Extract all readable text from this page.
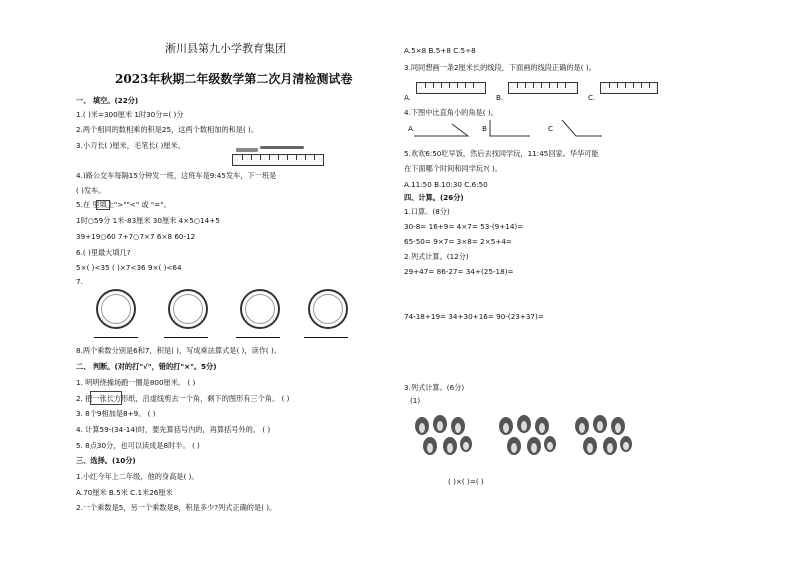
淅川县第九小学教育集团
2023年秋期二年级数学第二次月清检测试卷
一、 填空。(22分)
1.( )米=300厘米 1时30分=( )分
2.两个相同的数相乘的积是25，这两个数相加的和是( )。
3.小刀长( )厘米，毛笔长( )厘米。
4.)路公交车每隔15分钟发一班，这班车是9:45发车，下一班是
( )发车。
5.在 里填上">""<" 或 "="。
1时○59分 1米-83厘米 30厘米 4×5○14+5
39+19○60 7+7○7×7 6×8 60-12
6.( )里最大填几?
5×( )<35 ( )×7<36 9×( )<64
7.
8.两个乘数分别是6和7，积是( )，写成乘法算式是( )，读作( )。
二、 判断。(对的打"√"，错的打"×"。5分)
1. 明明绕操场跑一圈是800厘米。 ( )
2. 把一张长方形纸，沿虚线剪去一个角，剩下的图形有三个角。 ( )
3. 8个9相加是8+9。 ( )
4. 计算59-(34-14)时，要先算括号内的，再算括号外的。 ( )
5. 8点30分，也可以读成是8时半。 ( )
三、选择。(10分)
1.小红今年上二年级，他的身高是( )。
A.70厘米 B.5米 C.1米26厘米
2.一个乘数是5，另一个乘数是8，积是多少?列式正确的是( )。
A.5×8 B.5+8 C.5÷8
3.同同想画一条2厘米长的线段，下面画的线段正确的是( )。
A.	B.	C.
4.下图中比直角小的角是( )。
A	B	C
5.欢欢6:50吃早饭，然后去找同学玩，11:45回家。华华可能
在下面哪个时间和同学玩?( )。
A.11:50 B.10:30 C.6:50
四、计算。(26分)
1.口算。(8分)
30-8= 16+9= 4×7= 53-(9+14)=
65-50= 9×7= 3×8= 2×5+4=
2.列式计算。(12分)
29+47= 86-27= 34+(25-18)=
74-18+19= 34+30+16= 90-(23+37)=
3.列式计算。(6分)
(1)
( )×( )=( )
